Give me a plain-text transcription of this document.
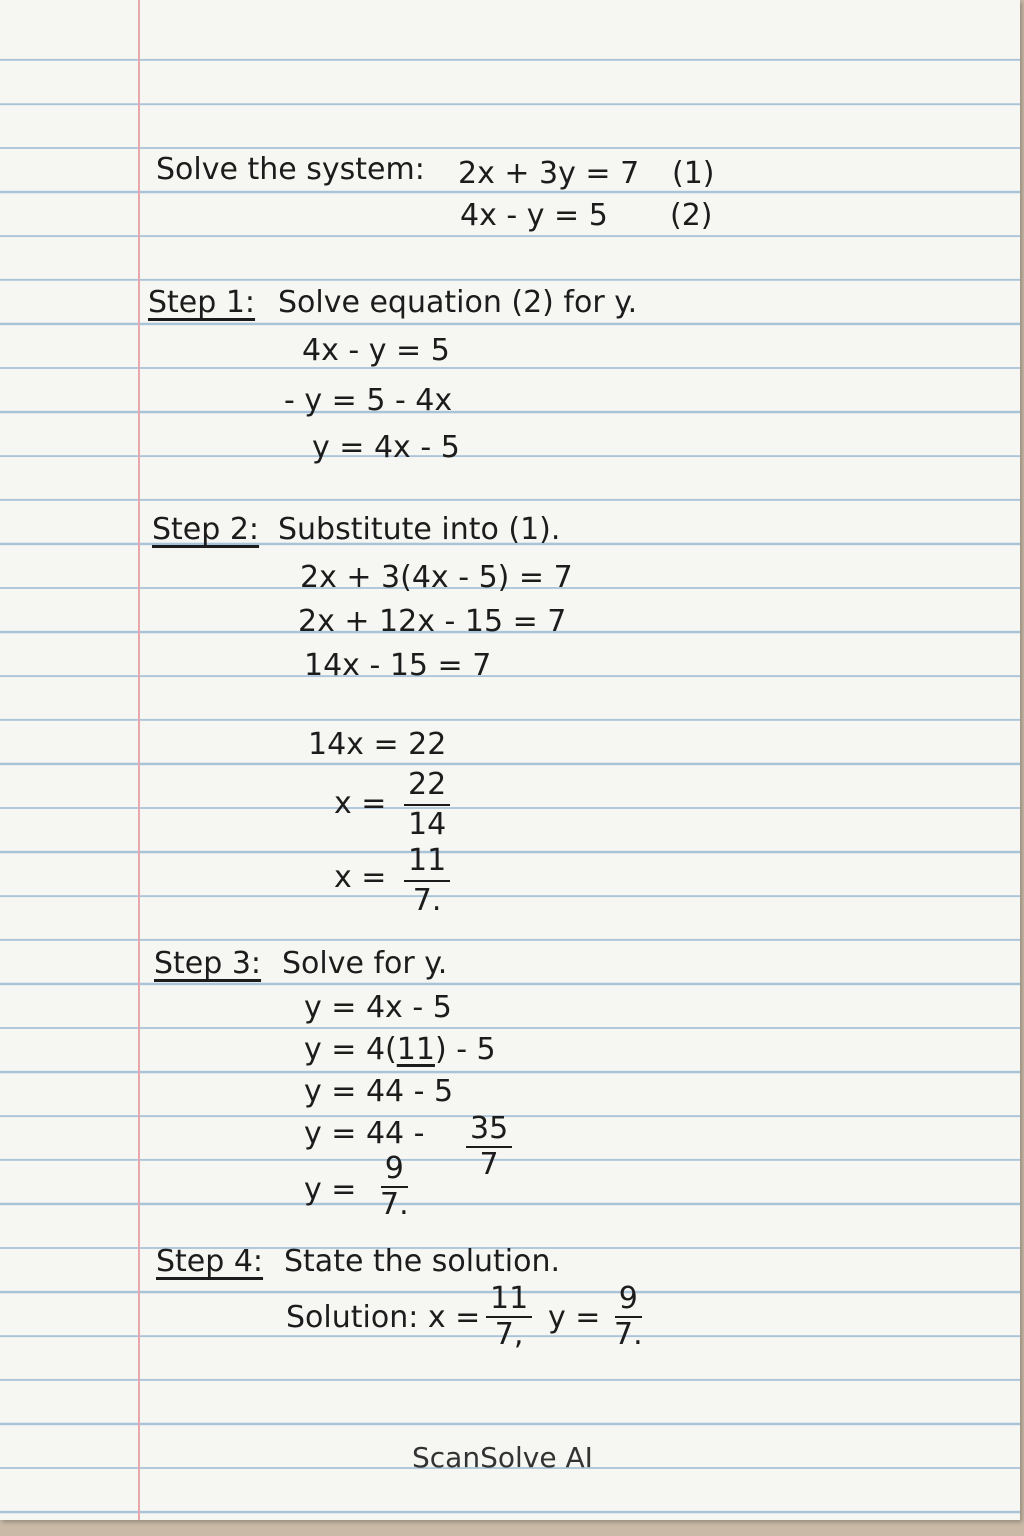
Solve the system: 2x + 3y = 7 (1)
4x - y = 5 (2)
Step 1: Solve equation (2) for y.
4x - y = 5
- y = 5 - 4x
y = 4x - 5
Step 2: Substitute into (1).
2x + 3(4x - 5) = 7
2x + 12x - 15 = 7
14x - 15 = 7
14x = 22
$x = \frac{22}{14}$
$x = \frac{11}{7.}$
Step 3: Solve for y.
y = 4x - 5
y = 4(11) - 5
y = 44 - 5
$y = 44 - \frac{35}{7}$
$y = \frac{9}{7.}$
Step 4: State the solution.
Solution: $x = \frac{11}{7,}$ $y = \frac{9}{7.}$
ScanSolve AI
